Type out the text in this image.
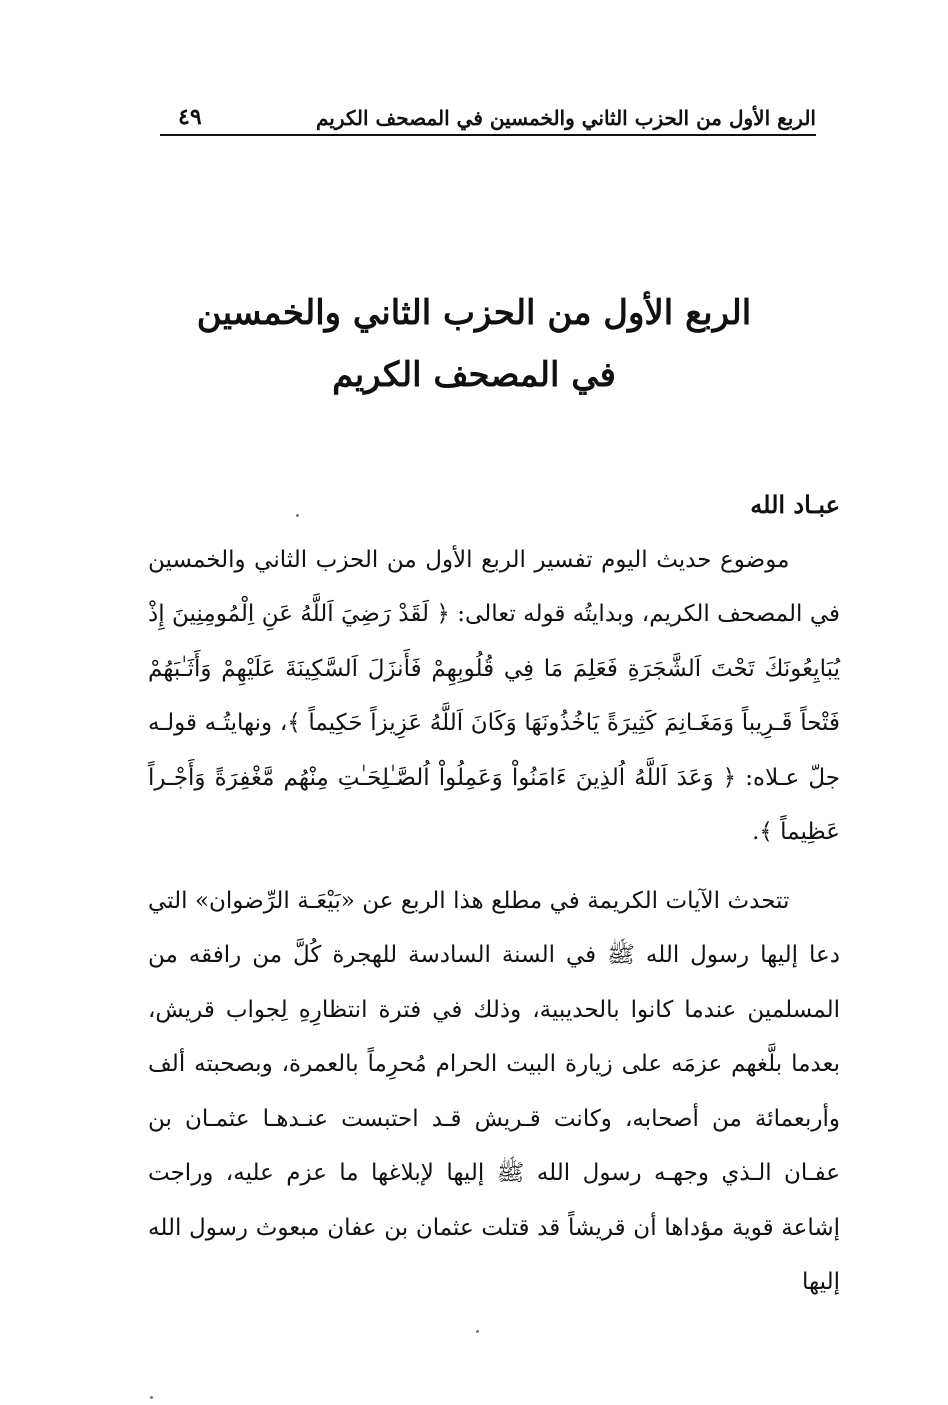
الربع الأول من الحزب الثاني والخمسين في المصحف الكريم
٤٩
الربع الأول من الحزب الثاني والخمسين
في المصحف الكريم

عبـاد الله

موضوع حديث اليوم تفسير الربع الأول من الحزب الثاني والخمسين في المصحف الكريم، وبدايتُه قوله تعالى: ﴿ لَقَدْ رَضِيَ اَللَّهُ عَنِ اِلْمُومِنِينَ إِذْ يُبَايِعُونَكَ تَحْتَ اَلشَّجَرَةِ فَعَلِمَ مَا فِي قُلُوبِهِمْ فَأَنزَلَ اَلسَّكِينَةَ عَلَيْهِمْ وَأَثَـٰبَهُمْ فَتْحاً قَـرِيباً وَمَغَـانِمَ كَثِيرَةً يَاخُذُونَهَا وَكَانَ اَللَّهُ عَزِيزاً حَكِيماً ﴾، ونهايتُـه قولـه جلّ عـلاه: ﴿ وَعَدَ اَللَّهُ اُلذِينَ ءَامَنُواْ وَعَمِلُواْ اُلصَّـٰلِحَـٰتِ مِنْهُم مَّغْفِرَةً وَأَجْـراً عَظِيماً ﴾.

تتحدث الآيات الكريمة في مطلع هذا الربع عن «بَيْعَـة الرِّضوان» التي دعا إليها رسول الله ﷺ في السنة السادسة للهجرة كُلَّ من رافقه من المسلمين عندما كانوا بالحديبية، وذلك في فترة انتظارِهِ لِجواب قريش، بعدما بلَّغهم عزمَه على زيارة البيت الحرام مُحرِماً بالعمرة، وبصحبته ألف وأربعمائة من أصحابه، وكانت قـريش قـد احتبست عنـدهـا عثمـان بن عفـان الـذي وجهـه رسول الله ﷺ إليها لإبلاغها ما عزم عليه، وراجت إشاعة قوية مؤداها أن قريشاً قد قتلت عثمان بن عفان مبعوث رسول الله إليها
